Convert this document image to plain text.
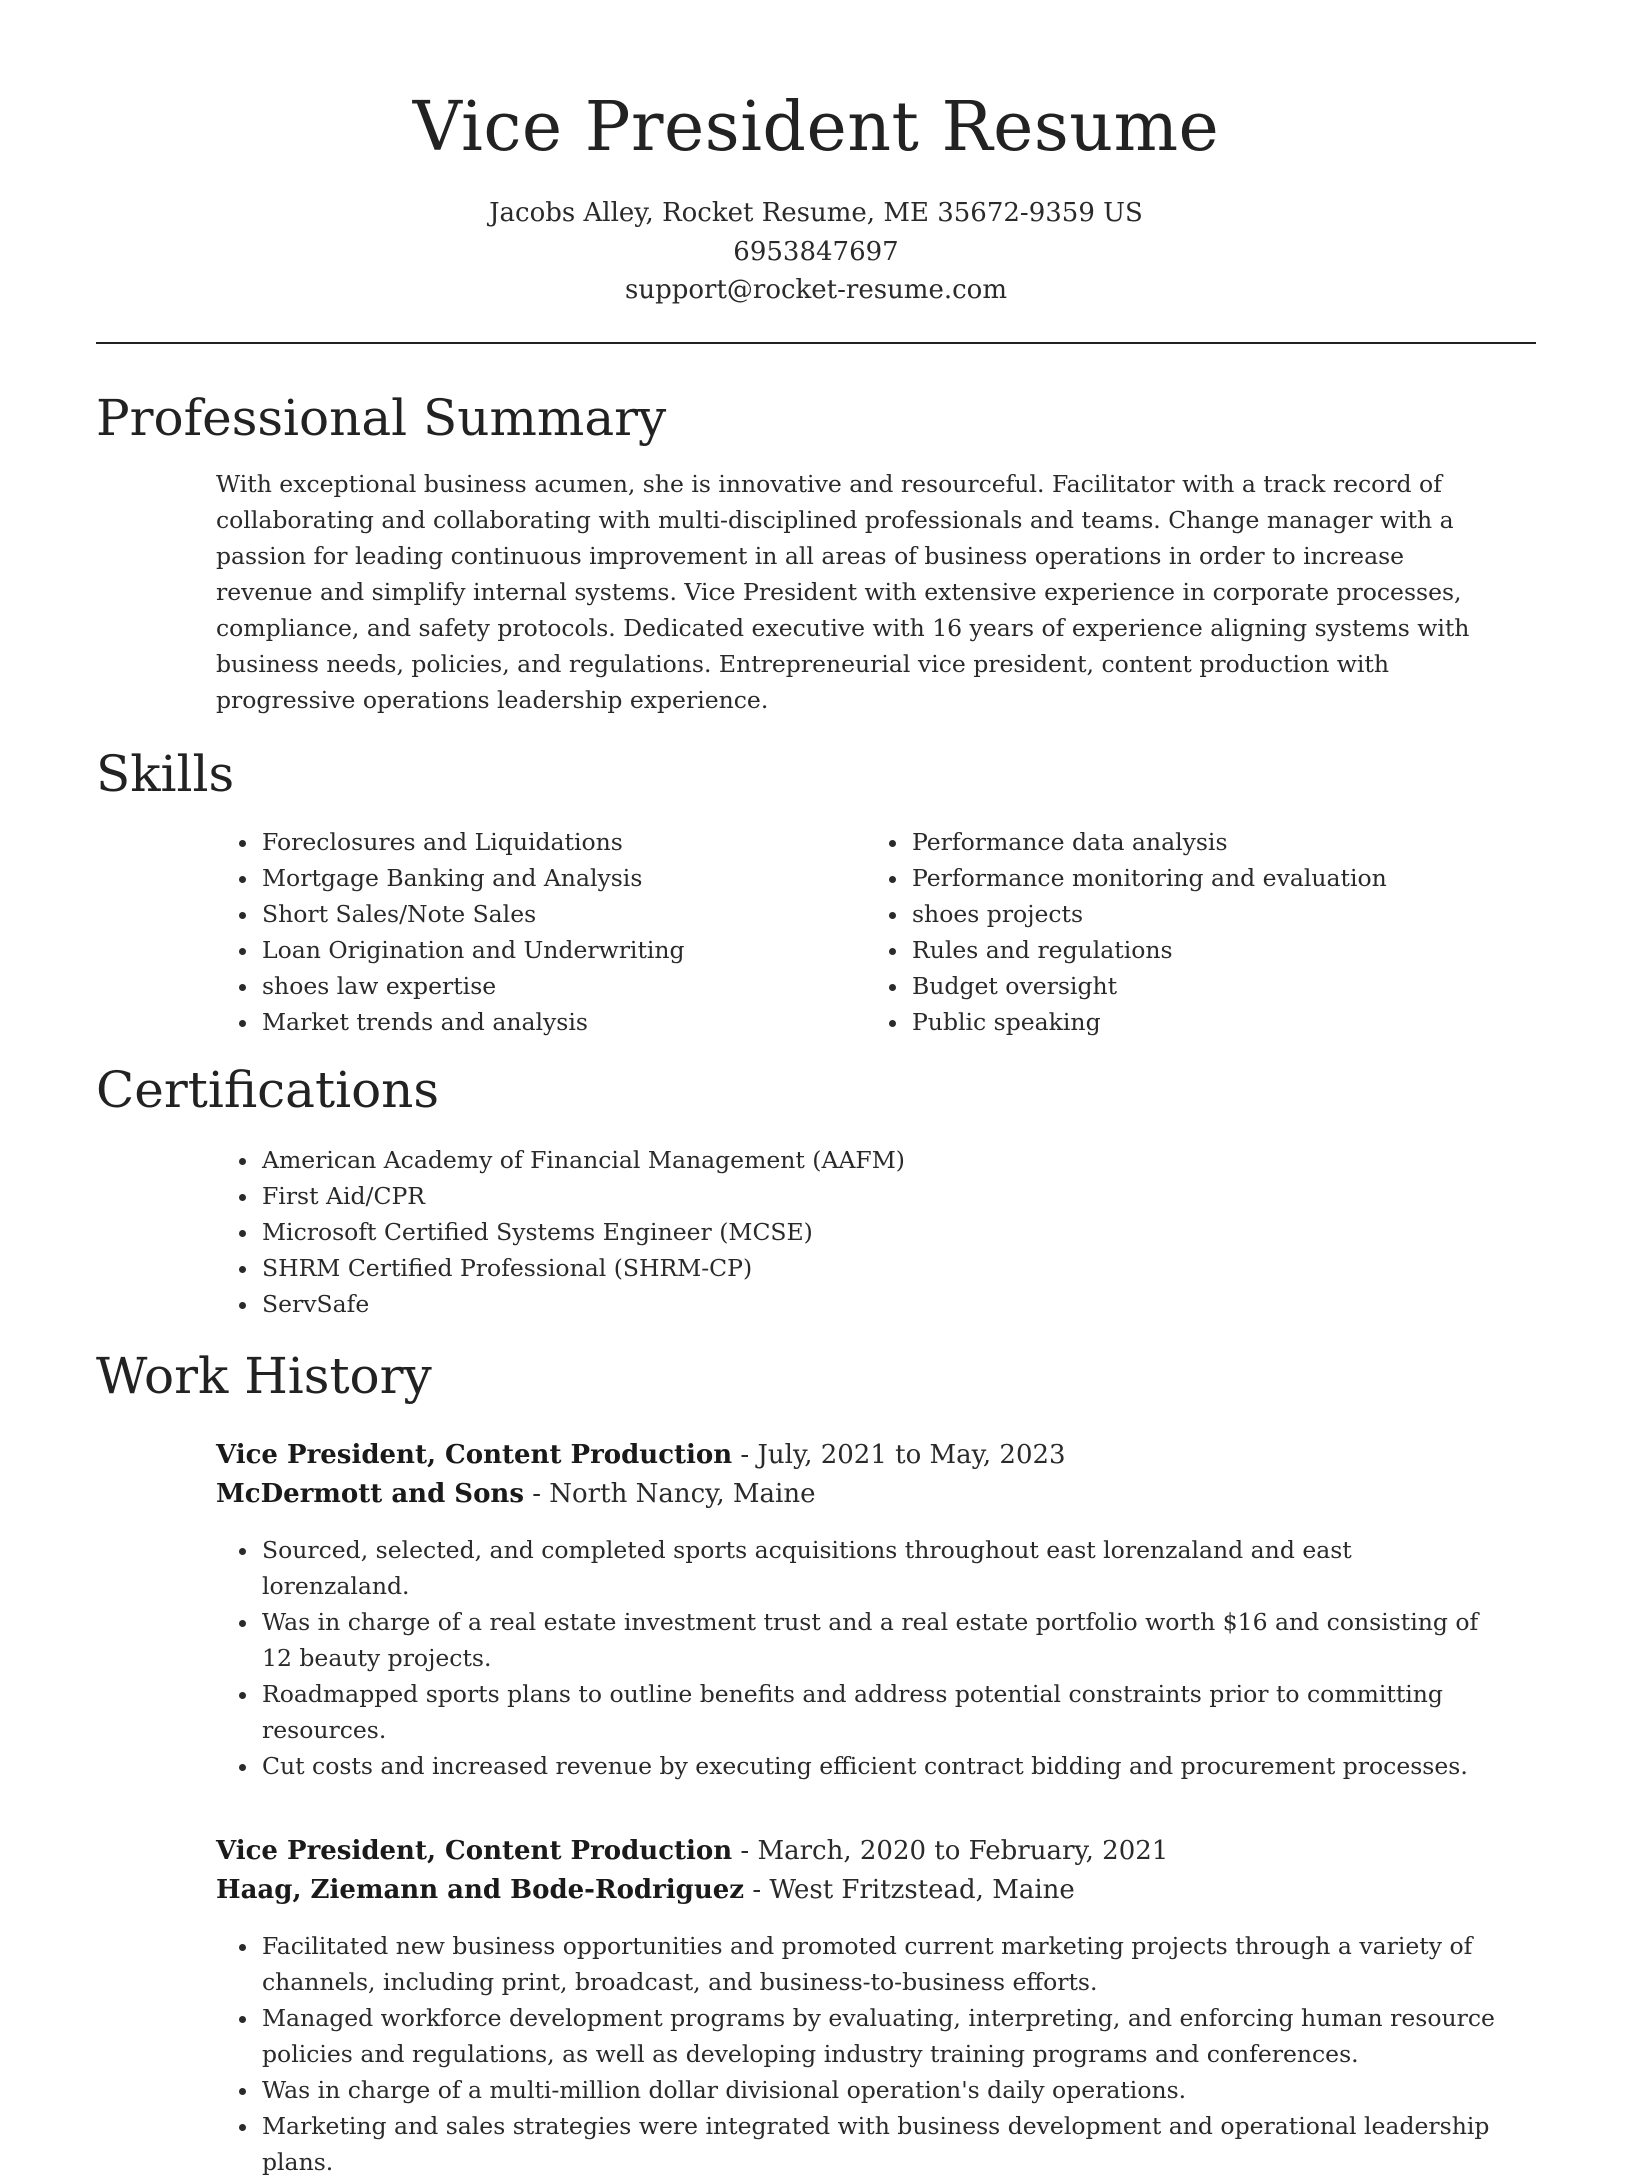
Vice President Resume
Jacobs Alley, Rocket Resume, ME 35672-9359 US
6953847697
support@rocket-resume.com
Professional Summary

With exceptional business acumen, she is innovative and resourceful. Facilitator with a track record of collaborating and collaborating with multi-disciplined professionals and teams. Change manager with a passion for leading continuous improvement in all areas of business operations in order to increase revenue and simplify internal systems. Vice President with extensive experience in corporate processes, compliance, and safety protocols. Dedicated executive with 16 years of experience aligning systems with business needs, policies, and regulations. Entrepreneurial vice president, content production with progressive operations leadership experience.

Skills
• Foreclosures and Liquidations
• Mortgage Banking and Analysis
• Short Sales/Note Sales
• Loan Origination and Underwriting
• shoes law expertise
• Market trends and analysis
• Performance data analysis
• Performance monitoring and evaluation
• shoes projects
• Rules and regulations
• Budget oversight
• Public speaking
Certifications
• American Academy of Financial Management (AAFM)
• First Aid/CPR
• Microsoft Certified Systems Engineer (MCSE)
• SHRM Certified Professional (SHRM-CP)
• ServSafe
Work History
Vice President, Content Production - July, 2021 to May, 2023
McDermott and Sons - North Nancy, Maine
• Sourced, selected, and completed sports acquisitions throughout east lorenzaland and east lorenzaland.
• Was in charge of a real estate investment trust and a real estate portfolio worth $16 and consisting of 12 beauty projects.
• Roadmapped sports plans to outline benefits and address potential constraints prior to committing resources.
• Cut costs and increased revenue by executing efficient contract bidding and procurement processes.
Vice President, Content Production - March, 2020 to February, 2021
Haag, Ziemann and Bode-Rodriguez - West Fritzstead, Maine
• Facilitated new business opportunities and promoted current marketing projects through a variety of channels, including print, broadcast, and business-to-business efforts.
• Managed workforce development programs by evaluating, interpreting, and enforcing human resource policies and regulations, as well as developing industry training programs and conferences.
• Was in charge of a multi-million dollar divisional operation's daily operations.
• Marketing and sales strategies were integrated with business development and operational leadership plans.
